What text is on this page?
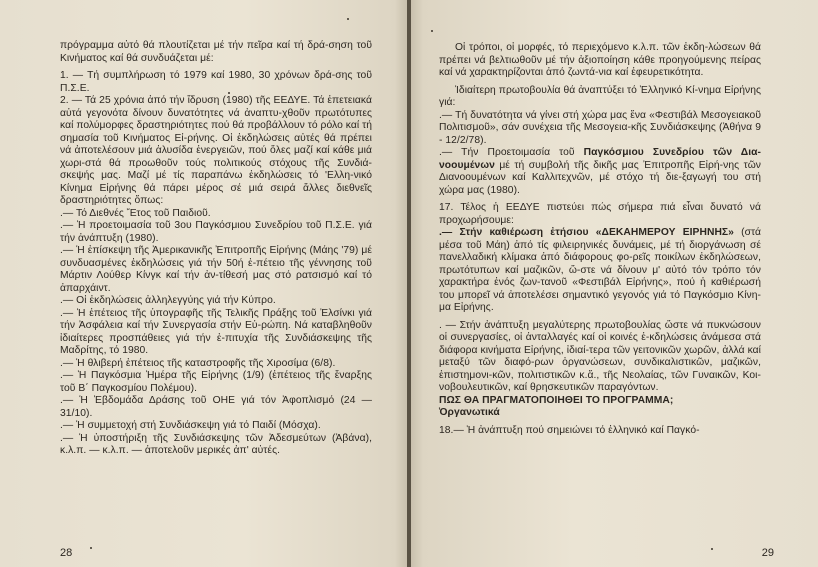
πρόγραμμα αὐτό θά πλουτίζεται μέ τήν πεῖρα καί τή δρά-σηση τοῦ Κινήματος καί θά συνδυάζεται μέ:

1. — Τή συμπλήρωση τό 1979 καί 1980, 30 χρόνων δρά-σης τοῦ Π.Σ.Ε.

2. — Τά 25 χρόνια ἀπό τήν ἵδρυση (1980) τῆς ΕΕΔΥΕ. Τά ἐπετειακά αὐτά γεγονότα δίνουν δυνατότητες νά ἀναπτυ-χθοῦν πρωτότυπες καί πολύμορφες δραστηριότητες πού θά προβάλλουν τό ρόλο καί τή σημασία τοῦ Κινήματος Εἰ-ρήνης. Οἱ ἐκδηλώσεις αὐτές θά πρέπει νά ἀποτελέσουν μιά ἁλυσίδα ἐνεργειῶν, πού ὅλες μαζί καί κάθε μιά χωρι-στά θά προωθοῦν τούς πολιτικούς στόχους τῆς Συνδιά-σκεψής μας. Μαζί μέ τίς παραπάνω ἐκδηλώσεις τό 'Ελλη-νικό Κίνημα Εἰρήνης θά πάρει μέρος σέ μιά σειρά ἄλλες διεθνεῖς δραστηριότητες ὅπως:

.— Τό Διεθνές Ἔτος τοῦ Παιδιοῦ.

.— Ἡ προετοιμασία τοῦ 3ου Παγκόσμιου Συνεδρίου τοῦ Π.Σ.Ε. γιά τήν ἀνάπτυξη (1980).

.— Ἡ ἐπίσκεψη τῆς Ἀμερικανικῆς Ἐπιτροπῆς Εἰρήνης (Μάης '79) μέ συνδυασμένες ἐκδηλώσεις γιά τήν 50ή ἐ-πέτειο τῆς γέννησης τοῦ Μάρτιν Λούθερ Κίνγκ καί τήν ἀν-τίθεσή μας στό ρατσισμό καί τό ἀπαρχάιντ.

.— Οἱ ἐκδηλώσεις ἀλληλεγγύης γιά τήν Κύπρο.

.— Ἡ ἐπέτειος τῆς ὑπογραφῆς τῆς Τελικῆς Πράξης τοῦ Ἐλσίνκι γιά τήν Ἀσφάλεια καί τήν Συνεργασία στήν Εὐ-ρώπη. Νά καταβληθοῦν ἰδιαίτερες προσπάθειες γιά τήν ἐ-πιτυχία τῆς Συνδιάσκεψης τῆς Μαδρίτης, τό 1980.

.— Ἡ θλιβερή ἐπέτειος τῆς καταστροφῆς τῆς Χιροσίμα (6/8).

.— Ἡ Παγκόσμια Ἡμέρα τῆς Εἰρήνης (1/9) (ἐπέτειος τῆς ἔναρξης τοῦ Β΄ Παγκοσμίου Πολέμου).

.— Ἡ Ἑβδομάδα Δράσης τοῦ ΟΗΕ γιά τόν Ἀφοπλισμό (24 — 31/10).

.— Ἡ συμμετοχή στή Συνδιάσκεψη γιά τό Παιδί (Μόσχα).

.— Ἡ ὑποστήριξη τῆς Συνδιάσκεψης τῶν Ἀδεσμεύτων (Ἀβάνα), κ.λ.π. — κ.λ.π. — ἀποτελοῦν μερικές ἀπ' αὐτές.

28

Οἱ τρόποι, οἱ μορφές, τό περιεχόμενο κ.λ.π. τῶν ἐκδη-λώσεων θά πρέπει νά βελτιωθοῦν μέ τήν ἀξιοποίηση κάθε προηγούμενης πείρας καί νά χαρακτηρίζονται ἀπό ζωντά-νια καί ἐφευρετικότητα.

Ἰδιαίτερη πρωτοβουλία θά ἀναπτύξει τό Ἑλληνικό Κί-νημα Εἰρήνης γιά:

.— Τή δυνατότητα νά γίνει στή χώρα μας ἕνα «Φεστιβάλ Μεσογειακοῦ Πολιτισμοῦ», σάν συνέχεια τῆς Μεσογεια-κῆς Συνδιάσκεψης (Ἀθήνα 9 - 12/2/78).

.— Τήν Προετοιμασία τοῦ Παγκόσμιου Συνεδρίου τῶν Δια-νοουμένων μέ τή συμβολή τῆς δικῆς μας Ἐπιτροπῆς Εἰρή-νης τῶν Διανοουμένων καί Καλλιτεχνῶν, μέ στόχο τή διε-ξαγωγή του στή χώρα μας (1980).

17. Τέλος ἡ ΕΕΔΥΕ πιστεύει πώς σήμερα πιά εἶναι δυνατό νά προχωρήσουμε:

.— Στήν καθιέρωση ἐτήσιου «ΔΕΚΑΗΜΕΡΟΥ ΕΙΡΗΝΗΣ» (στά μέσα τοῦ Μάη) ἀπό τίς φιλειρηνικές δυνάμεις, μέ τή διοργάνωση σέ πανελλαδική κλίμακα ἀπό διάφορους φο-ρεῖς ποικίλων ἐκδηλώσεων, πρωτότυπων καί μαζικῶν, ὥ-στε νά δίνουν μ' αὐτό τόν τρόπο τόν χαρακτήρα ἑνός ζων-τανοῦ «Φεστιβάλ Εἰρήνης», πού ἡ καθιέρωσή του μπορεῖ νά ἀποτελέσει σημαντικό γεγονός γιά τό Παγκόσμιο Κίνη-μα Εἰρήνης.

. — Στήν ἀνάπτυξη μεγαλύτερης πρωτοβουλίας ὥστε νά πυκνώσουν οἱ συνεργασίες, οἱ ἀνταλλαγές καί οἱ κοινές ἐ-κδηλώσεις ἀνάμεσα στά διάφορα κινήματα Εἰρήνης, ἰδιαί-τερα τῶν γειτονικῶν χωρῶν, ἀλλά καί μεταξύ τῶν διαφό-ρων ὀργανώσεων, συνδικαλιστικῶν, μαζικῶν, ἐπιστημονι-κῶν, πολιτιστικῶν κ.ἄ., τῆς Νεολαίας, τῶν Γυναικῶν, Κοι-νοβουλευτικῶν, καί θρησκευτικῶν παραγόντων.

ΠΩΣ ΘΑ ΠΡΑΓΜΑΤΟΠΟΙΗΘΕΙ ΤΟ ΠΡΟΓΡΑΜΜΑ;

Ὀργανωτικά

18.— Ἡ ἀνάπτυξη πού σημειώνει τό ἑλληνικό καί Παγκό-

29
